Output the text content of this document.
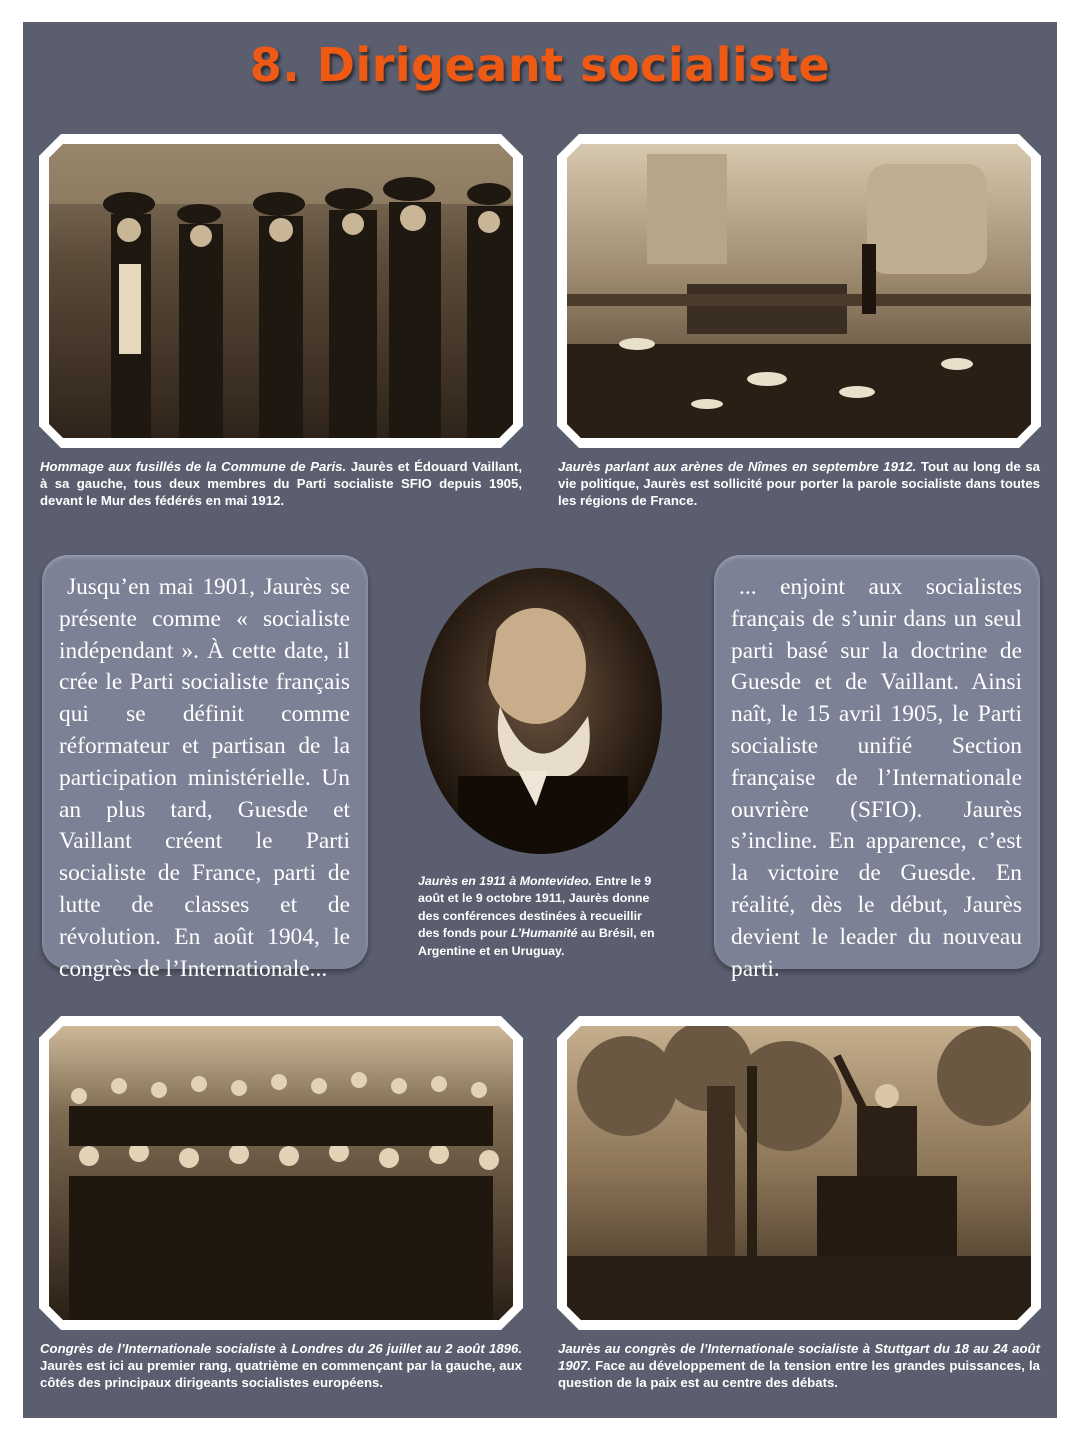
8. Dirigeant socialiste

Hommage aux fusillés de la Commune de Paris. Jaurès et Édouard Vaillant, à sa gauche, tous deux membres du Parti socialiste SFIO depuis 1905, devant le Mur des fédérés en mai 1912.

Jaurès parlant aux arènes de Nîmes en septembre 1912. Tout au long de sa vie politique, Jaurès est sollicité pour porter la parole socialiste dans toutes les régions de France.

Jusqu’en mai 1901, Jaurès se présente comme « socialiste indépendant ». À cette date, il crée le Parti socialiste français qui se définit comme réformateur et partisan de la participation ministérielle. Un an plus tard, Guesde et Vaillant créent le Parti socialiste de France, parti de lutte de classes et de révolution. En août 1904, le congrès de l’Internationale...

Jaurès en 1911 à Montevideo. Entre le 9 août et le 9 octobre 1911, Jaurès donne des conférences destinées à recueillir des fonds pour L’Humanité au Brésil, en Argentine et en Uruguay.

... enjoint aux socialistes français de s’unir dans un seul parti basé sur la doctrine de Guesde et de Vaillant. Ainsi naît, le 15 avril 1905, le Parti socialiste unifié Section française de l’Internationale ouvrière (SFIO). Jaurès s’incline. En apparence, c’est la victoire de Guesde. En réalité, dès le début, Jaurès devient le leader du nouveau parti.

Congrès de l’Internationale socialiste à Londres du 26 juillet au 2 août 1896. Jaurès est ici au premier rang, quatrième en commençant par la gauche, aux côtés des principaux dirigeants socialistes européens.

Jaurès au congrès de l’Internationale socialiste à Stuttgart du 18 au 24 août 1907. Face au développement de la tension entre les grandes puissances, la question de la paix est au centre des débats.
